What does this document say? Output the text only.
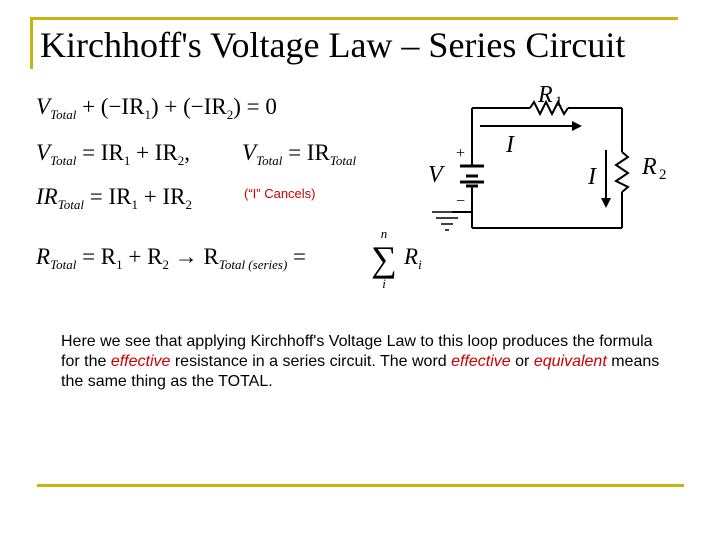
Kirchhoff's Voltage Law – Series Circuit
$V_{Total} + (-IR_1) + (-IR_2) = 0$
$V_{Total} = IR_1 + IR_2$, $V_{Total} = IR_{Total}$
$IR_{Total} = IR_1 + IR_2$
(“I” Cancels)
$R_{Total} = R_1 + R_2 \to R_{Total (series)}$ =
n
∑
i
$R_i$
R 1
R 2
I
I
V
+
−
Here we see that applying Kirchhoff's Voltage Law to this loop produces the formula for the effective resistance in a series circuit. The word effective or equivalent means the same thing as the TOTAL.
